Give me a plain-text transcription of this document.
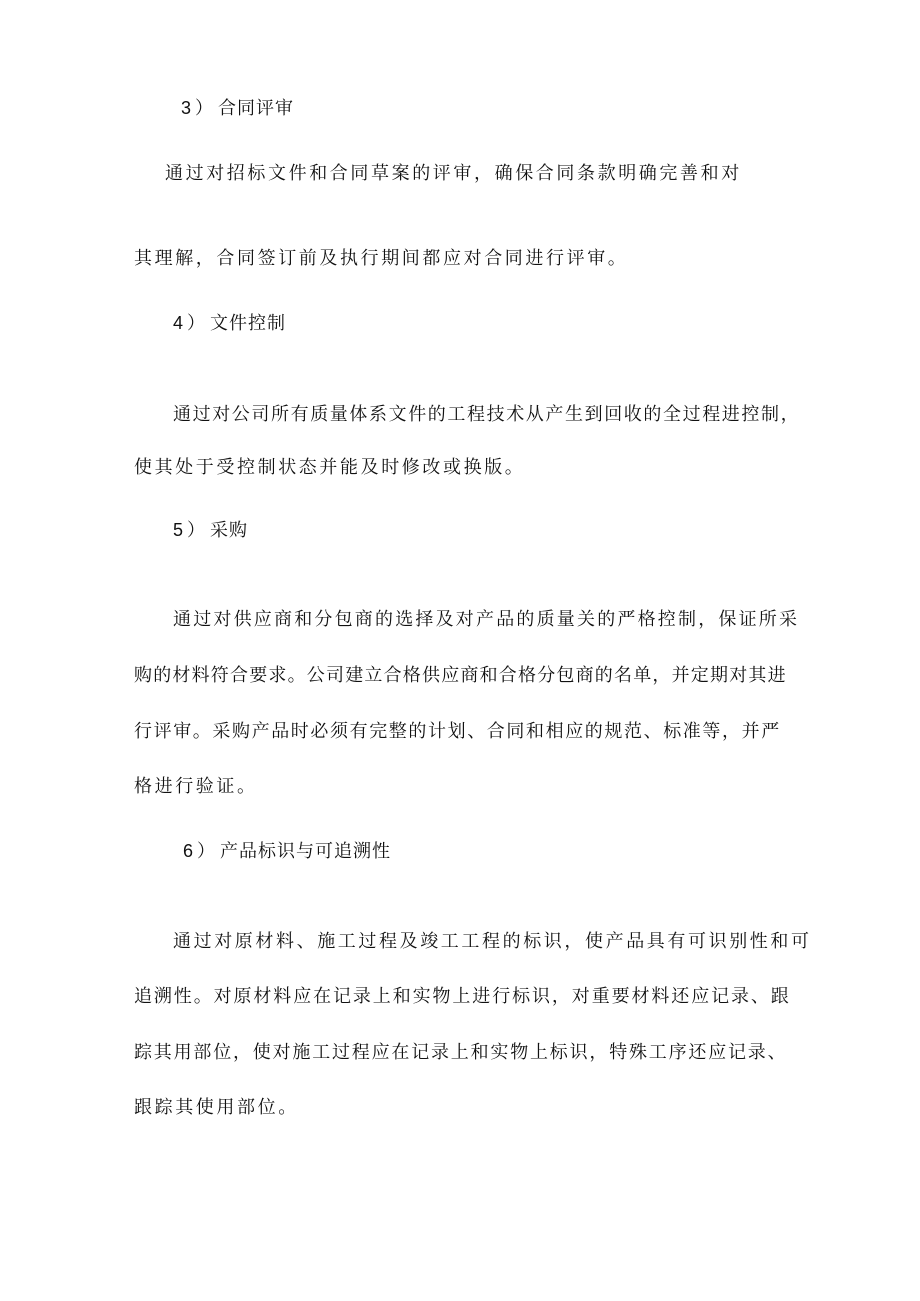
3 ） 合同评审
通过对招标文件和合同草案的评审，确保合同条款明确完善和对
其理解，合同签订前及执行期间都应对合同进行评审。
4 ） 文件控制
通过对公司所有质量体系文件的工程技术从产生到回收的全过程进控制，
使其处于受控制状态并能及时修改或换版。
5 ） 采购
通过对供应商和分包商的选择及对产品的质量关的严格控制，保证所采
购的材料符合要求。公司建立合格供应商和合格分包商的名单，并定期对其进
行评审。采购产品时必须有完整的计划、合同和相应的规范、标准等，并严
格进行验证。
6 ） 产品标识与可追溯性
通过对原材料、施工过程及竣工工程的标识，使产品具有可识别性和可
追溯性。对原材料应在记录上和实物上进行标识，对重要材料还应记录、跟
踪其用部位，使对施工过程应在记录上和实物上标识，特殊工序还应记录、
跟踪其使用部位。
